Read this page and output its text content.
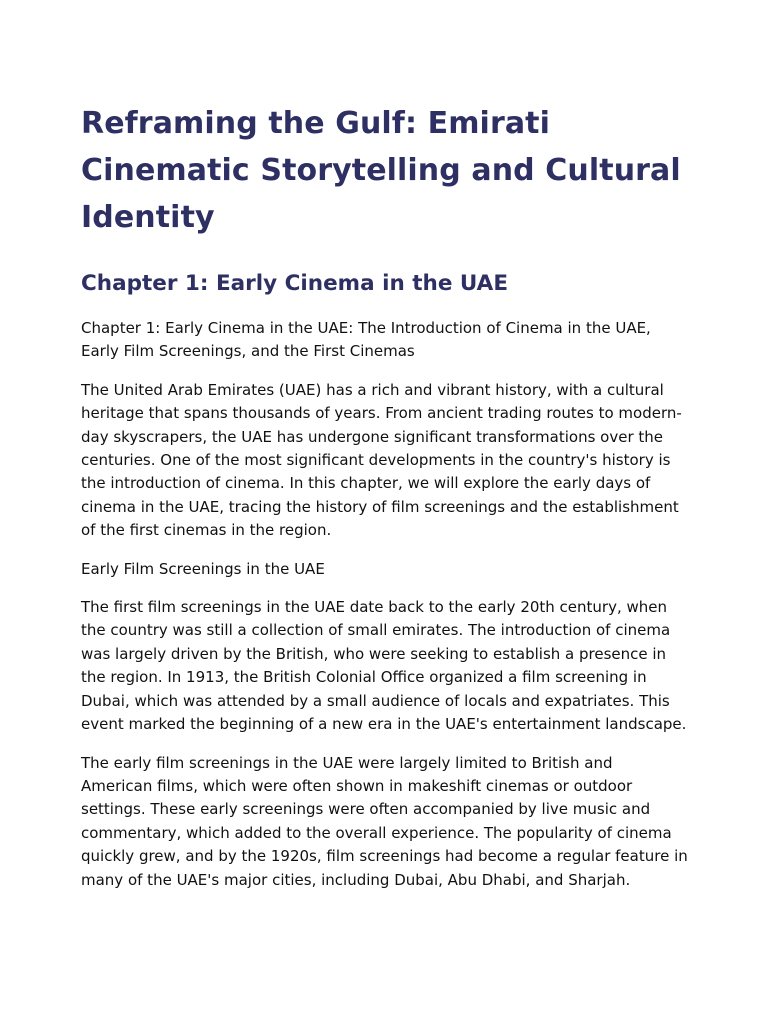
Reframing the Gulf: Emirati Cinematic Storytelling and Cultural Identity
Chapter 1: Early Cinema in the UAE

Chapter 1: Early Cinema in the UAE: The Introduction of Cinema in the UAE, Early Film Screenings, and the First Cinemas

The United Arab Emirates (UAE) has a rich and vibrant history, with a cultural heritage that spans thousands of years. From ancient trading routes to modern-day skyscrapers, the UAE has undergone significant transformations over the centuries. One of the most significant developments in the country's history is the introduction of cinema. In this chapter, we will explore the early days of cinema in the UAE, tracing the history of film screenings and the establishment of the first cinemas in the region.

Early Film Screenings in the UAE

The first film screenings in the UAE date back to the early 20th century, when the country was still a collection of small emirates. The introduction of cinema was largely driven by the British, who were seeking to establish a presence in the region. In 1913, the British Colonial Office organized a film screening in Dubai, which was attended by a small audience of locals and expatriates. This event marked the beginning of a new era in the UAE's entertainment landscape.

The early film screenings in the UAE were largely limited to British and American films, which were often shown in makeshift cinemas or outdoor settings. These early screenings were often accompanied by live music and commentary, which added to the overall experience. The popularity of cinema quickly grew, and by the 1920s, film screenings had become a regular feature in many of the UAE's major cities, including Dubai, Abu Dhabi, and Sharjah.
